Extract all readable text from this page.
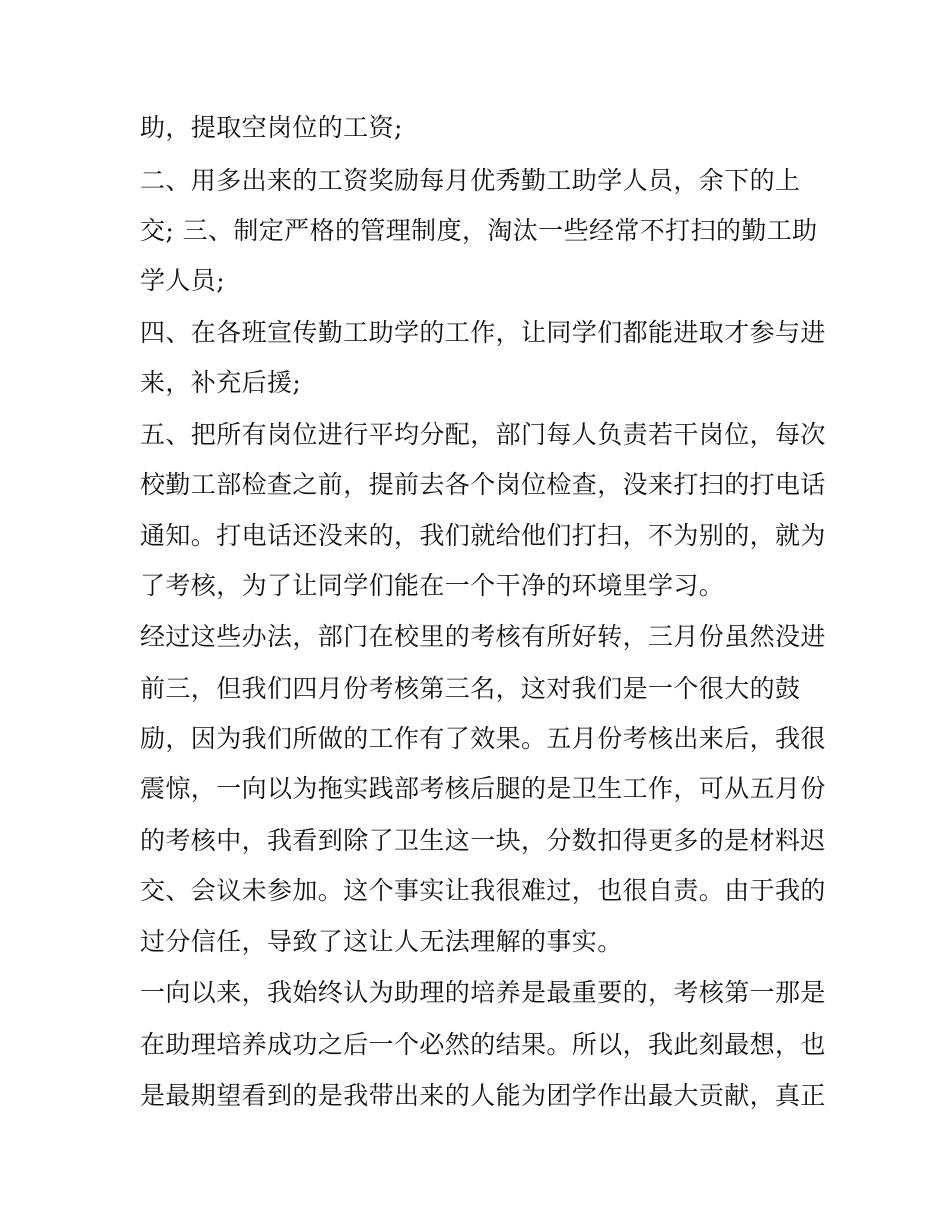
助，提取空岗位的工资;
二、用多出来的工资奖励每月优秀勤工助学人员，余下的上
交; 三、制定严格的管理制度，淘汰一些经常不打扫的勤工助
学人员;
四、在各班宣传勤工助学的工作，让同学们都能进取才参与进
来，补充后援;
五、把所有岗位进行平均分配，部门每人负责若干岗位，每次
校勤工部检查之前，提前去各个岗位检查，没来打扫的打电话
通知。打电话还没来的，我们就给他们打扫，不为别的，就为
了考核，为了让同学们能在一个干净的环境里学习。
经过这些办法，部门在校里的考核有所好转，三月份虽然没进
前三，但我们四月份考核第三名，这对我们是一个很大的鼓
励，因为我们所做的工作有了效果。五月份考核出来后，我很
震惊，一向以为拖实践部考核后腿的是卫生工作，可从五月份
的考核中，我看到除了卫生这一块，分数扣得更多的是材料迟
交、会议未参加。这个事实让我很难过，也很自责。由于我的
过分信任，导致了这让人无法理解的事实。
一向以来，我始终认为助理的培养是最重要的，考核第一那是
在助理培养成功之后一个必然的结果。所以，我此刻最想，也
是最期望看到的是我带出来的人能为团学作出最大贡献，真正
